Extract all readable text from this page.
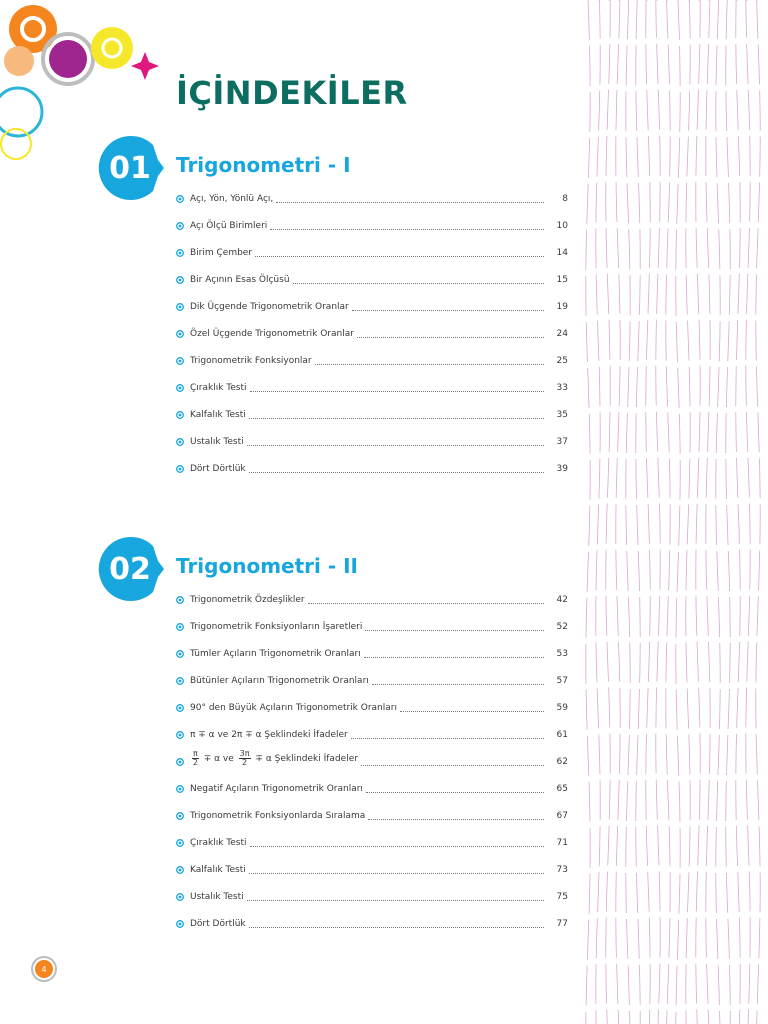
İÇİNDEKİLER
01	Trigonometri - I
Açı, Yön, Yönlü Açı,	8
Açı Ölçü Birimleri	10
Birim Çember	14
Bir Açının Esas Ölçüsü	15
Dik Üçgende Trigonometrik Oranlar	19
Özel Üçgende Trigonometrik Oranlar	24
Trigonometrik Fonksiyonlar	25
Çıraklık Testi	33
Kalfalık Testi	35
Ustalık Testi	37
Dört Dörtlük	39
02	Trigonometri - II
Trigonometrik Özdeşlikler	42
Trigonometrik Fonksiyonların İşaretleri	52
Tümler Açıların Trigonometrik Oranları	53
Bütünler Açıların Trigonometrik Oranları	57
90° den Büyük Açıların Trigonometrik Oranları	59
π ∓ α ve 2π ∓ α Şeklindeki İfadeler	61
$\frac{\pi}{2} \mp \alpha$ ve $\frac{3\pi}{2} \mp \alpha$ Şeklindeki İfadeler	62
Negatif Açıların Trigonometrik Oranları	65
Trigonometrik Fonksiyonlarda Sıralama	67
Çıraklık Testi	71
Kalfalık Testi	73
Ustalık Testi	75
Dört Dörtlük	77
4
